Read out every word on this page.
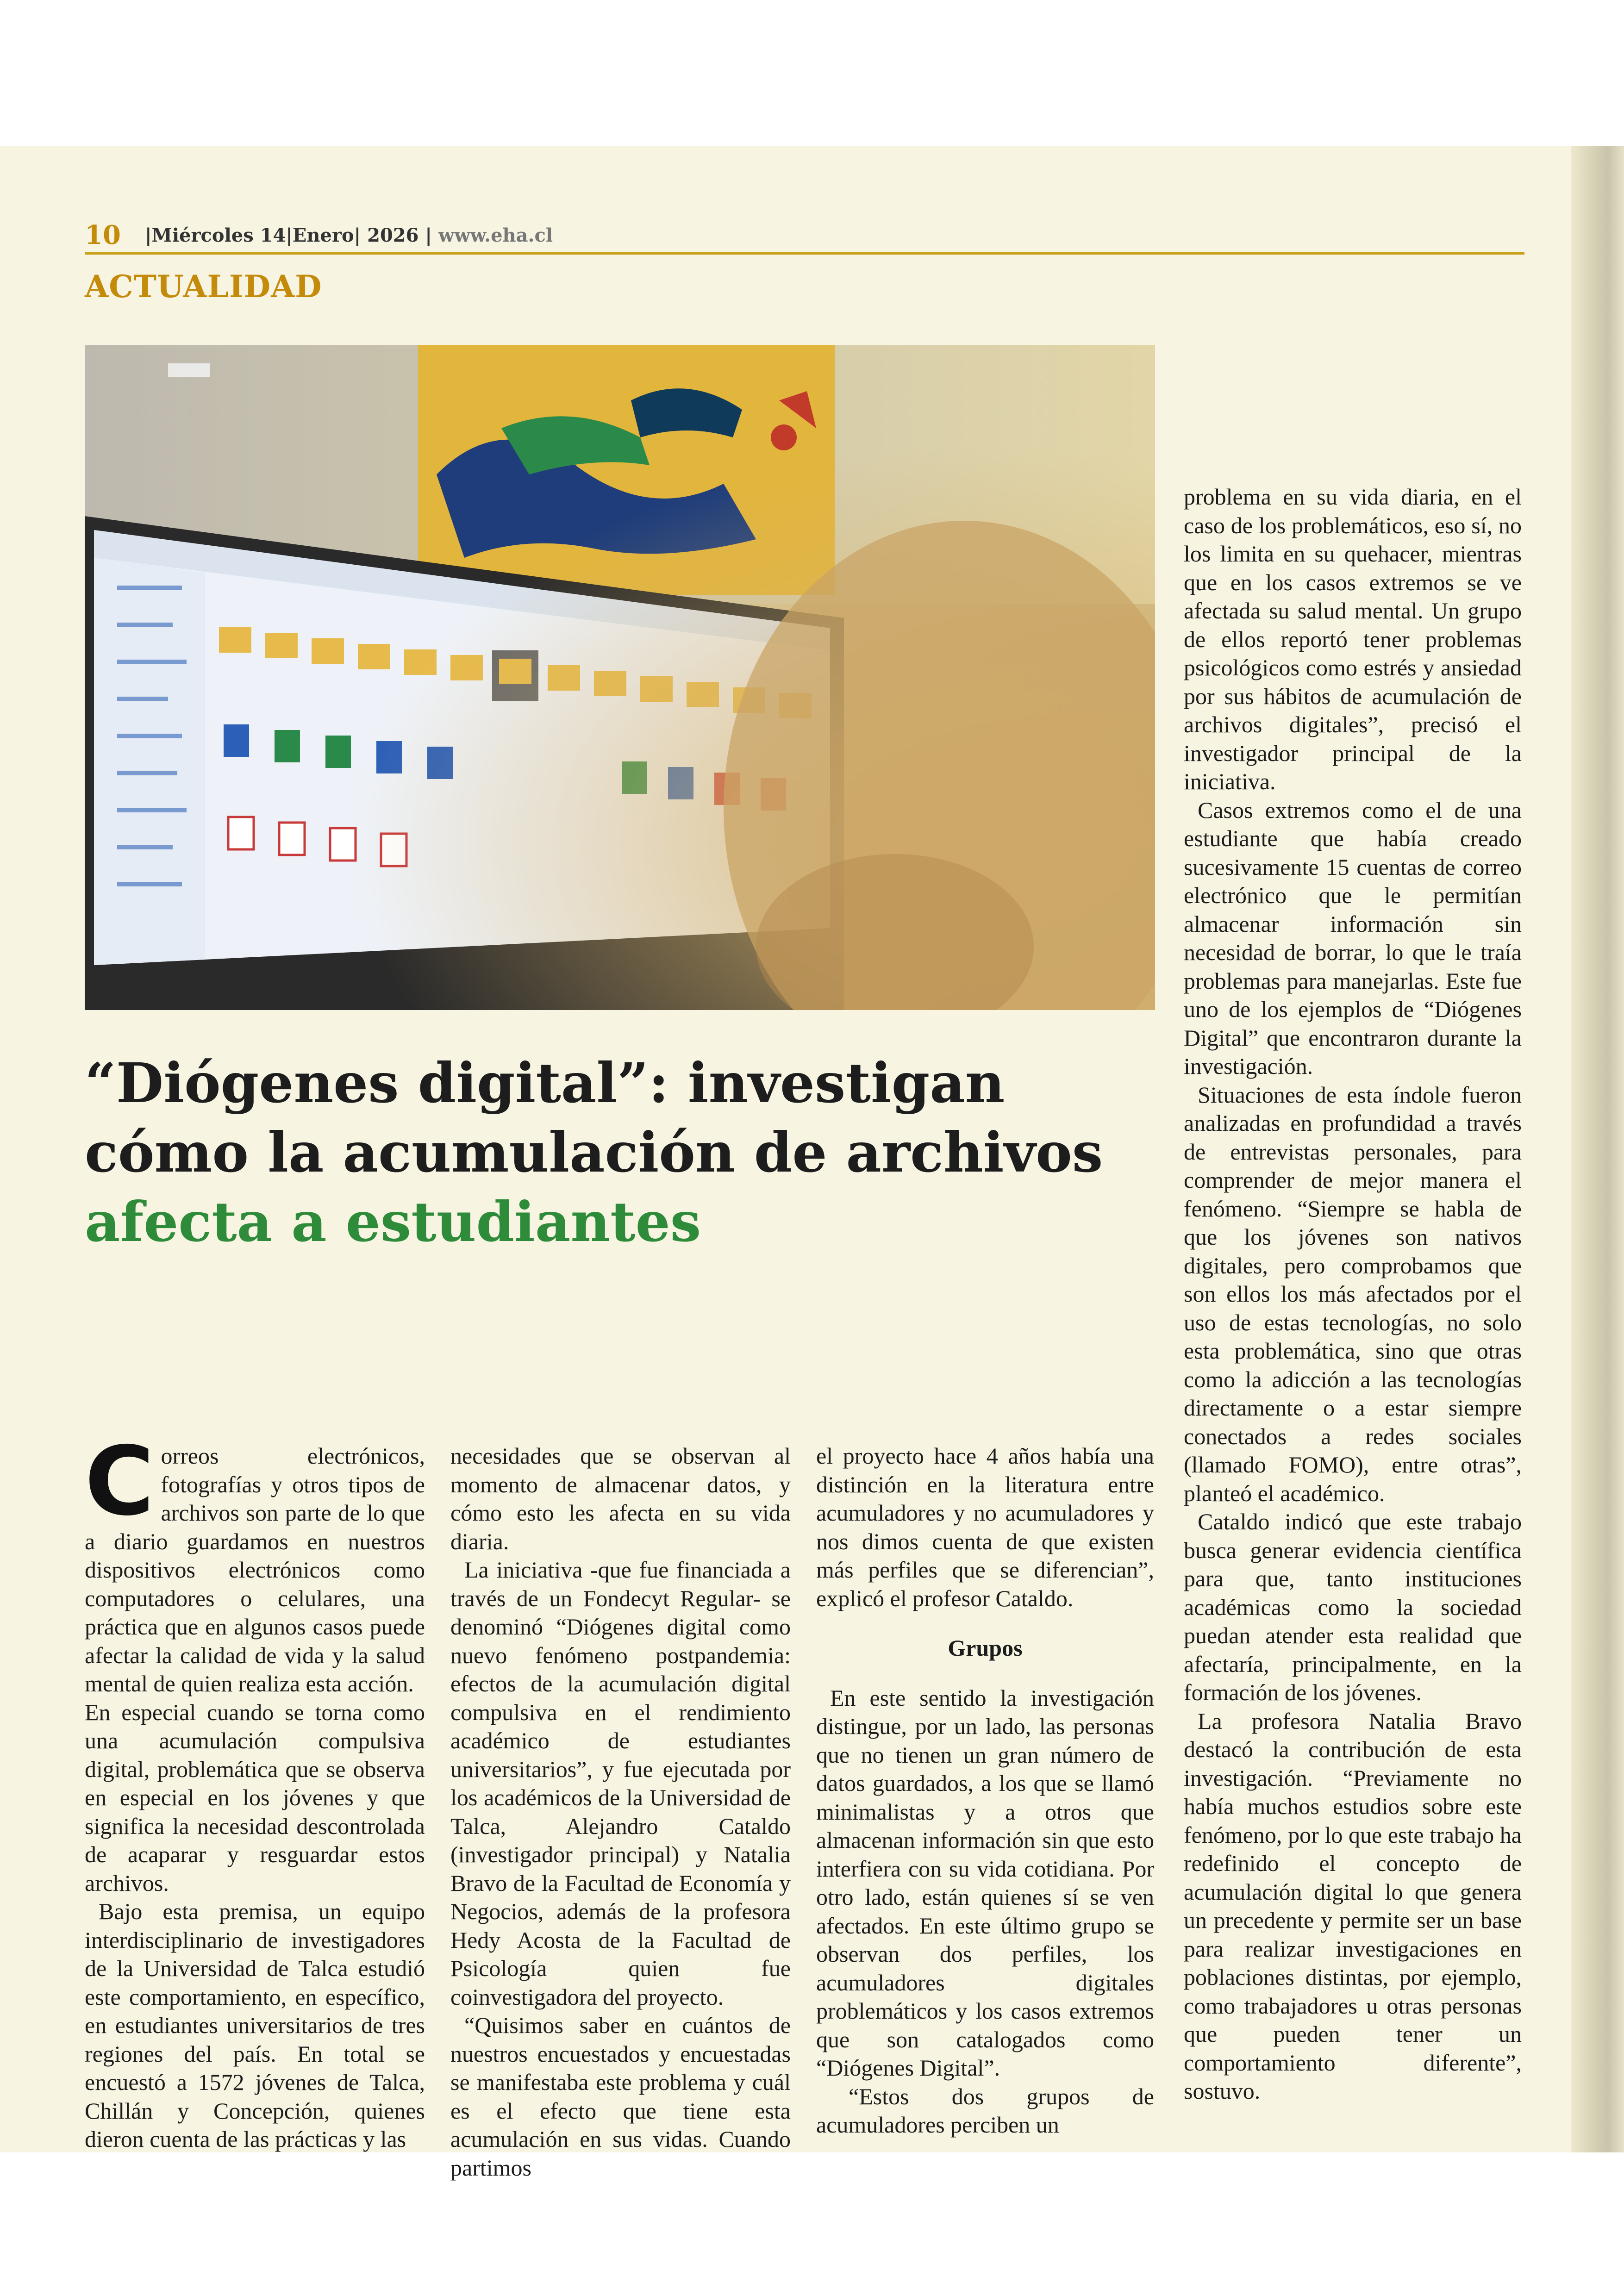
10 |Miércoles 14|Enero| 2026 | www.eha.cl
ACTUALIDAD
“Diógenes digital”: investigan
cómo la acumulación de archivos
afecta a estudiantes

Correos electrónicos, fotografías y otros tipos de archivos son parte de lo que a diario guardamos en nuestros dispositivos electrónicos como computadores o celulares, una práctica que en algunos casos puede afectar la calidad de vida y la salud mental de quien realiza esta acción.

En especial cuando se torna como una acumulación compulsiva digital, problemática que se observa en especial en los jóvenes y que significa la necesidad descontrolada de acaparar y resguardar estos archivos.

Bajo esta premisa, un equipo interdisciplinario de investigadores de la Universidad de Talca estudió este comportamiento, en específico, en estudiantes universitarios de tres regiones del país. En total se encuestó a 1572 jóvenes de Talca, Chillán y Concepción, quienes dieron cuenta de las prácticas y las

necesidades que se observan al momento de almacenar datos, y cómo esto les afecta en su vida diaria.

La iniciativa -que fue financiada a través de un Fondecyt Regular- se denominó “Diógenes digital como nuevo fenómeno postpandemia: efectos de la acumulación digital compulsiva en el rendimiento académico de estudiantes universitarios”, y fue ejecutada por los académicos de la Universidad de Talca, Alejandro Cataldo (investigador principal) y Natalia Bravo de la Facultad de Economía y Negocios, además de la profesora Hedy Acosta de la Facultad de Psicología quien fue coinvestigadora del proyecto.

“Quisimos saber en cuántos de nuestros encuestados y encuestadas se manifestaba este problema y cuál es el efecto que tiene esta acumulación en sus vidas. Cuando partimos

el proyecto hace 4 años había una distinción en la literatura entre acumuladores y no acumuladores y nos dimos cuenta de que existen más perfiles que se diferencian”, explicó el profesor Cataldo.

Grupos

En este sentido la investigación distingue, por un lado, las personas que no tienen un gran número de datos guardados, a los que se llamó minimalistas y a otros que almacenan información sin que esto interfiera con su vida cotidiana. Por otro lado, están quienes sí se ven afectados. En este último grupo se observan dos perfiles, los acumuladores digitales problemáticos y los casos extremos que son catalogados como “Diógenes Digital”.

“Estos dos grupos de acumuladores perciben un

problema en su vida diaria, en el caso de los problemáticos, eso sí, no los limita en su quehacer, mientras que en los casos extremos se ve afectada su salud mental. Un grupo de ellos reportó tener problemas psicológicos como estrés y ansiedad por sus hábitos de acumulación de archivos digitales”, precisó el investigador principal de la iniciativa.

Casos extremos como el de una estudiante que había creado sucesivamente 15 cuentas de correo electrónico que le permitían almacenar información sin necesidad de borrar, lo que le traía problemas para manejarlas. Este fue uno de los ejemplos de “Diógenes Digital” que encontraron durante la investigación.

Situaciones de esta índole fueron analizadas en profundidad a través de entrevistas personales, para comprender de mejor manera el fenómeno. “Siempre se habla de que los jóvenes son nativos digitales, pero comprobamos que son ellos los más afectados por el uso de estas tecnologías, no solo esta problemática, sino que otras como la adicción a las tecnologías directamente o a estar siempre conectados a redes sociales (llamado FOMO), entre otras”, planteó el académico.

Cataldo indicó que este trabajo busca generar evidencia científica para que, tanto instituciones académicas como la sociedad puedan atender esta realidad que afectaría, principalmente, en la formación de los jóvenes.

La profesora Natalia Bravo destacó la contribución de esta investigación. “Previamente no había muchos estudios sobre este fenómeno, por lo que este trabajo ha redefinido el concepto de acumulación digital lo que genera un precedente y permite ser un base para realizar investigaciones en poblaciones distintas, por ejemplo, como trabajadores u otras personas que pueden tener un comportamiento diferente”, sostuvo.
